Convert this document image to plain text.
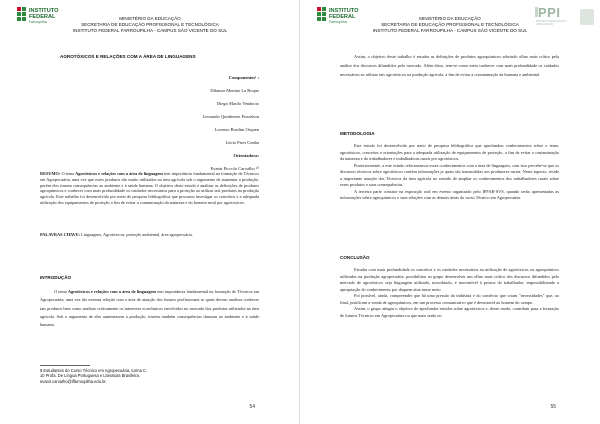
INSTITUTO
FEDERAL
Farroupilha
MINISTÉRIO DA EDUCAÇÃO
SECRETARIA DE EDUCAÇÃO PROFISSIONAL E TECNOLÓGICA
INSTITUTO FEDERAL FARROUPILHA - CAMPUS SÃO VICENTE DO SUL
AGROTÓXICOS E RELAÇÕES COM A ÁREA DE LINGUAGENS
Componentes¹ :
Dilamar Menino La Roque
Diego Marilo Venâncio
Leonardo Quinhones Pozzebon
Lorenzo Bordim Orquen
Lúcio Pires Cunha
Orientadora:
Evanir Piccolo Carvalho ¹⁰
RESUMO: O tema Agrotóxicos e relações com a área de linguagem tem importância fundamental na formação de Técnicos em Agropecuária, uma vez que esses produtos são muito utilizados na área agrícola sob o argumento de aumentar a produção, porém eles trazem consequências ao ambiente e à saúde humana. O objetivo deste estudo é analisar as definições de produtos agroquímicos e conhecer com mais profundidade os cuidados necessários para a proteção ao utilizar tais produtos na produção agrícola. Este trabalho foi desenvolvido por meio de pesquisa bibliográfica que procurou investigar os conceitos e a adequada utilização dos equipamentos de proteção a fim de evitar a contaminação da natureza e do homem rural por agrotóxicos.
PALAVRAS CHAVE: Linguagens, Agrotóxicos, proteção ambiental, área agropecuária.
INTRODUÇÃO
O tema Agrotóxicos e relações com a área de linguagem tem importância fundamental na formação de Técnicos em Agropecuária, uma vez tão extensa relação com a área de atuação dos futuros profissionais se quais devem analisar conhecer tais produtos bem como analisar criticamente os interesses econômicos envolvidos no mercado dos produtos utilizados na área agrícola. Sob o argumento de eles aumentarem a produção, trazem também consequências danosas ao ambiente e à saúde humana.
9 Estudantes do Curso Técnico em Agropecuária, turma C.
10 Profa. De Língua Portuguesa e Literatura Brasileira.
evanir.carvalho@iffarroupilha.edu.br.
54
INSTITUTO
FEDERAL
Farroupilha
MINISTÉRIO DA EDUCAÇÃO
SECRETARIA DE EDUCAÇÃO PROFISSIONAL E TECNOLÓGICA
INSTITUTO FEDERAL FARROUPILHA - CAMPUS SÃO VICENTE DO SUL
PPI
PROJETO PEDAGÓGICO INTEGRADOR
Assim, o objetivo deste trabalho é estudar as definições de produtos agroquímicos sobrtudo olhar mais crítico pela análise dos discursos difundidos pelo mercado. Além disso, tem-se como meta conhecer com mais profundidade os cuidados necessários ao utilizar tais agrotóxicos na produção agrícola, a fim de evitar a contaminação da humana e ambiental.
METODOLOGIA

Este estudo foi desenvolvido por meio de pesquisa bibliográfica que aprofundou conhecimentos sobre o tema, agrotóxicos, conceitos e orientações para a adequada utilização de equipamentos de proteção, a fim de evitar a contaminação da natureza e do trabalhadores e trabalhadoras rurais por agrotóxicos.

Posteriormente, a este estudo relacionamos esses conhecimentos com a área de linguagem, com isso percebe-se que os discursos técnicos sobre agrotóxicos contém informações ja quais são transmitidas aos produtores rurais. Neste aspecto, reside a importante atuação dos Técnicos da área agrícola no sentido de ampliar os conhecimentos dos trabalhadores rurais sobre esses produtos e suas consequências.

A terceira parte consiste na exposição oral em evento organizado pelo IFFAR-SVS, quando serão apresentadas as informações sobre agroquímicos e suas relações com as demais áreas do curso Técnico em Agropecuária.

CONCLUSÃO

Estudar com mais profundidade os conceitos e os cuidados necessários na utilização de agrotóxicos ou agroquímicos utilizados na produção agropecuária, possibilitou ao grupo desenvolver um olhar mais crítico dos discursos difundidos pelo mercado de agrotóxicos seja linguagem utilizada, nossobtudo, é inocentível à pessoa do trabalhador, impossibilitando a apropriação do conhecimento por daquem atua nesse meio.

Foi possível, ainda, compreender que há uma pressão da indústria e do comércio que criam "necessidades" que, ao final, justificam a venda de agroquímicos, em um processo comunicativo que é devastavel ao homem do campo.

Assim, o grupo atingiu o objetivo de aprofundar estudos sobre agrotóxicos e, desse modo, contribuir para a formação de futuros Técnicos em Agropecuária ou que mais serão no

55
